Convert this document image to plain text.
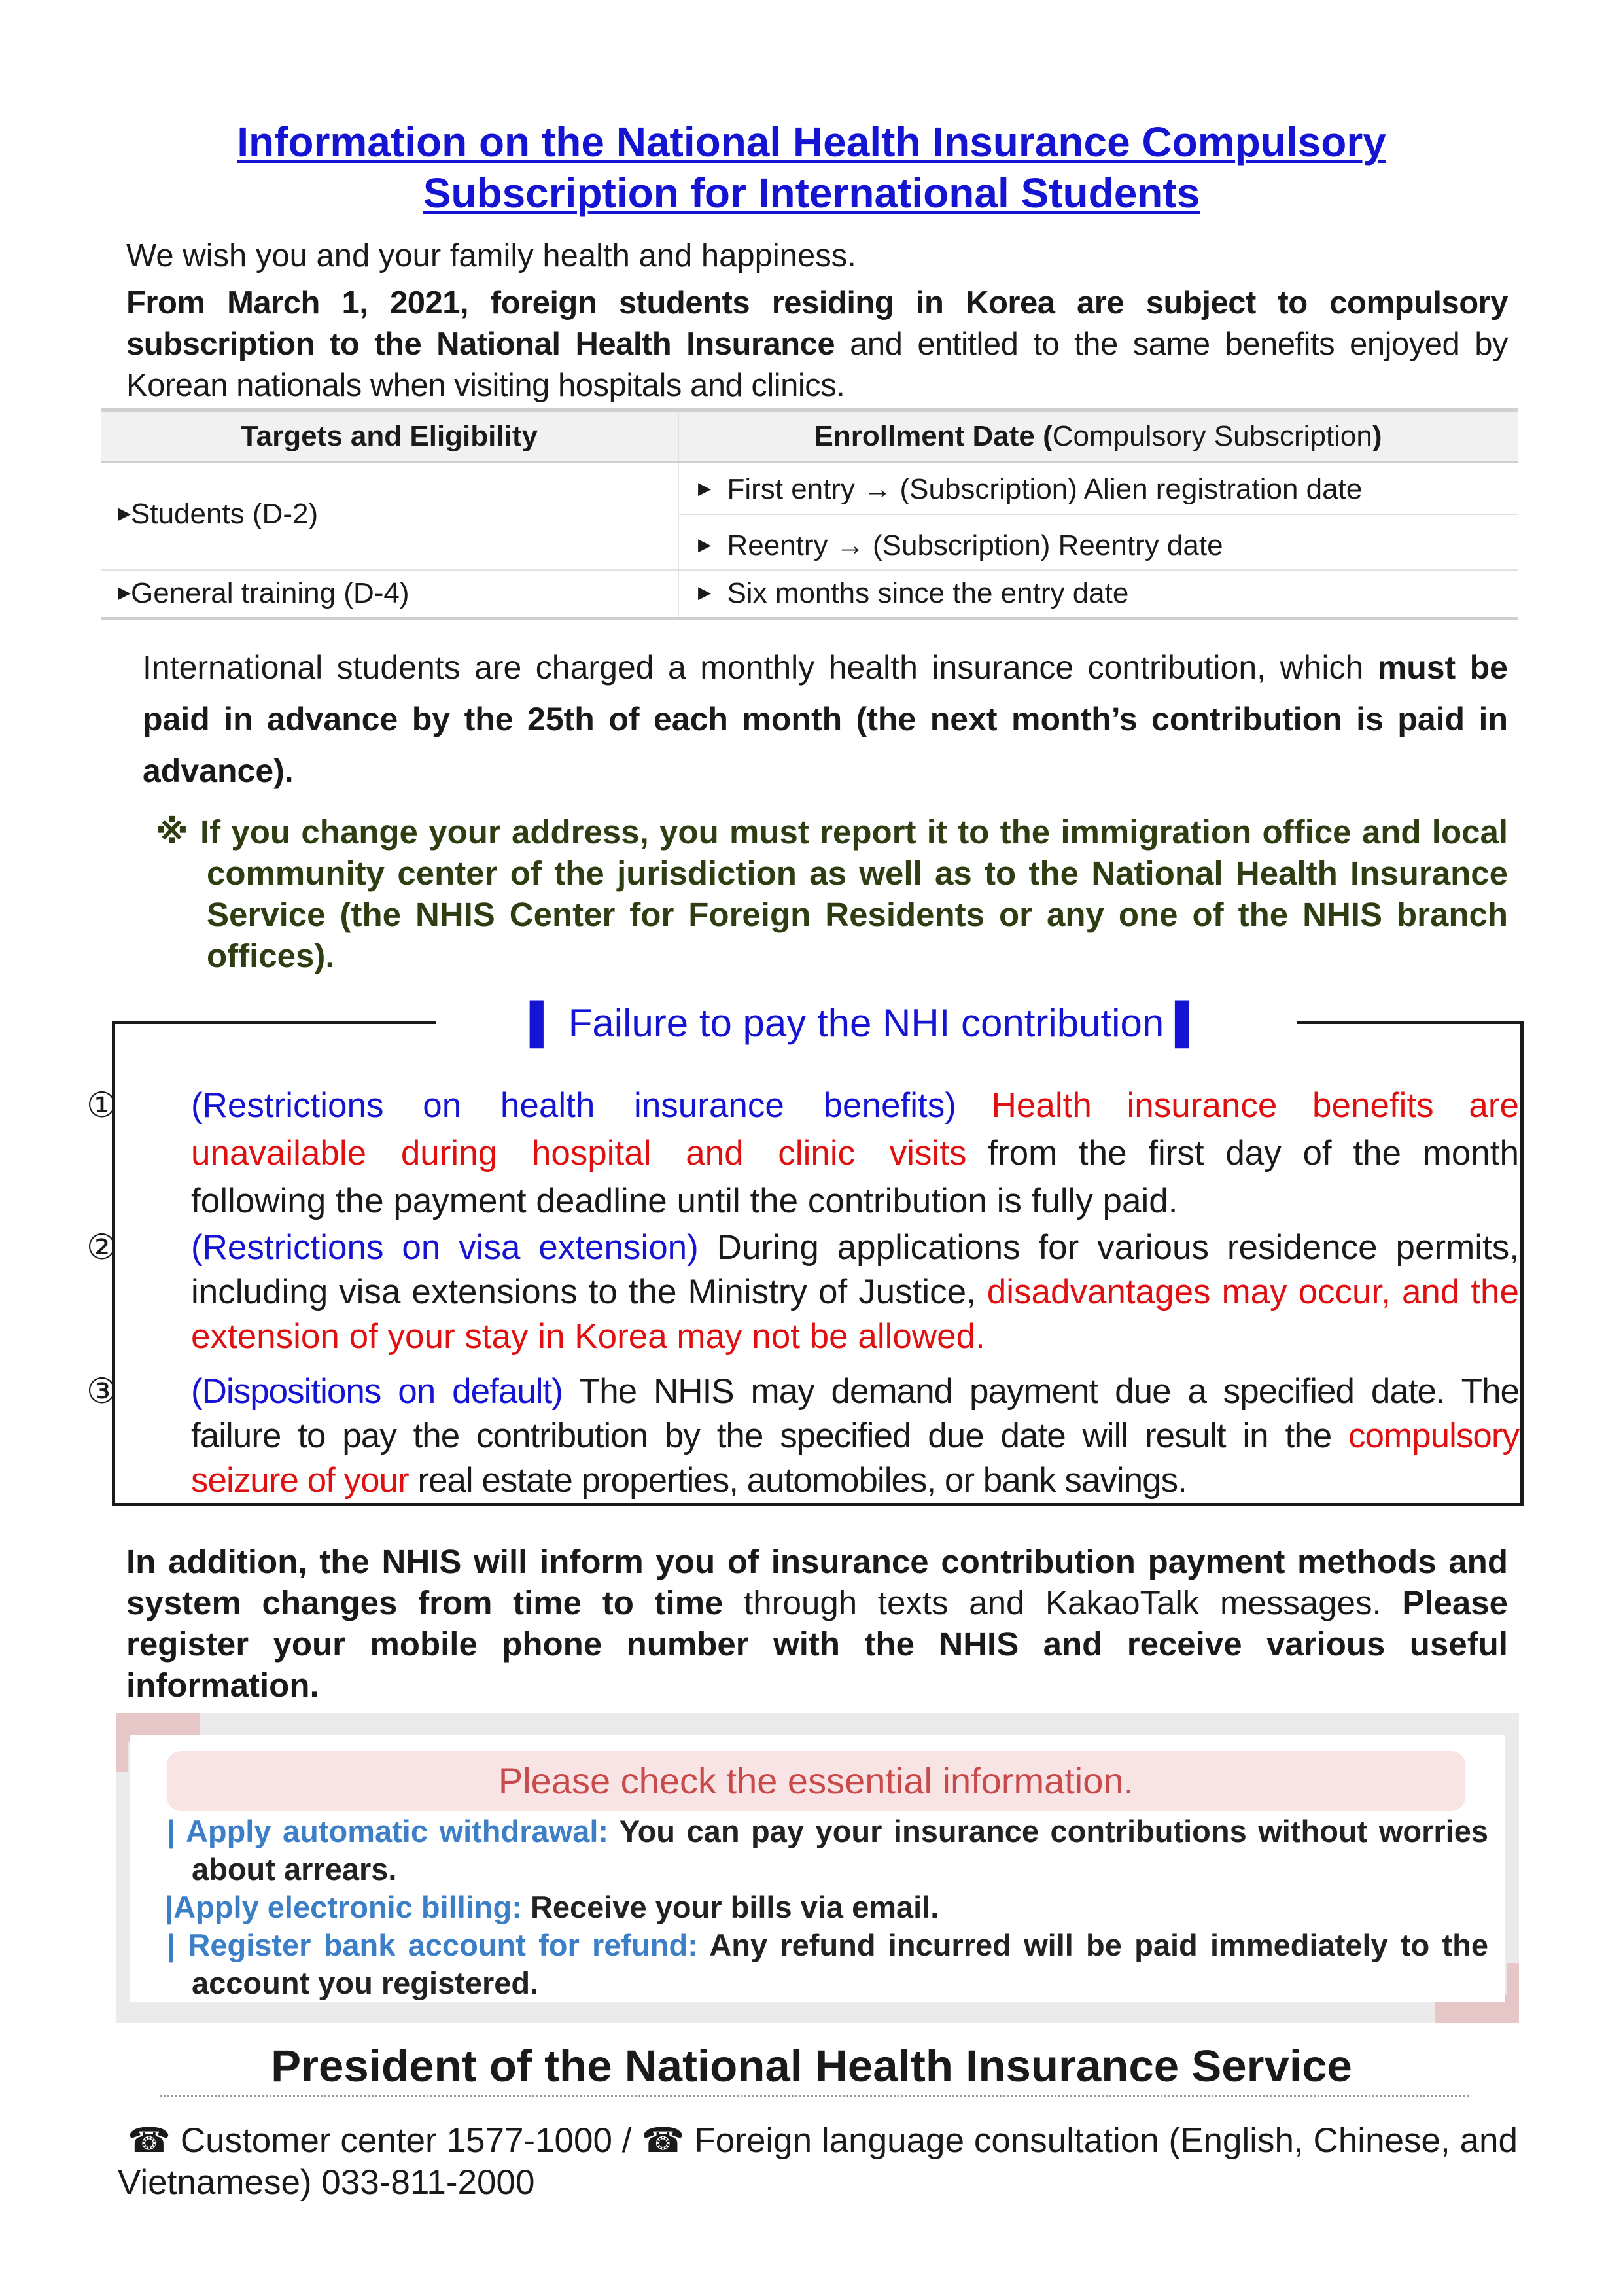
Information on the National Health Insurance Compulsory
Subscription for International Students
We wish you and your family health and happiness.
From March 1, 2021, foreign students residing in Korea are subject to compulsory subscription to the National Health Insurance and entitled to the same benefits enjoyed by Korean nationals when visiting hospitals and clinics.
Targets and Eligibility	Enrollment Date (Compulsory Subscription)
▶Students (D-2)
▶ First entry → (Subscription) Alien registration date
▶ Reentry → (Subscription) Reentry date
▶General training (D-4)	▶ Six months since the entry date
International students are charged a monthly health insurance contribution, which must be paid in advance by the 25th of each month (the next month’s contribution is paid in advance).
※ If you change your address, you must report it to the immigration office and local community center of the jurisdiction as well as to the National Health Insurance Service (the NHIS Center for Foreign Residents or any one of the NHIS branch offices).
▌ Failure to pay the NHI contribution ▌
① (Restrictions on health insurance benefits) Health insurance benefits are unavailable during hospital and clinic visits from the first day of the month following the payment deadline until the contribution is fully paid.
② (Restrictions on visa extension) During applications for various residence permits, including visa extensions to the Ministry of Justice, disadvantages may occur, and the extension of your stay in Korea may not be allowed.
③ (Dispositions on default) The NHIS may demand payment due a specified date. The failure to pay the contribution by the specified due date will result in the compulsory seizure of your real estate properties, automobiles, or bank savings.
In addition, the NHIS will inform you of insurance contribution payment methods and system changes from time to time through texts and KakaoTalk messages. Please register your mobile phone number with the NHIS and receive various useful information.
Please check the essential information.
| Apply automatic withdrawal: You can pay your insurance contributions without worries about arrears.
|Apply electronic billing: Receive your bills via email.
| Register bank account for refund: Any refund incurred will be paid immediately to the account you registered.
President of the National Health Insurance Service
☎ Customer center 1577-1000 / ☎ Foreign language consultation (English, Chinese, and Vietnamese) 033-811-2000
